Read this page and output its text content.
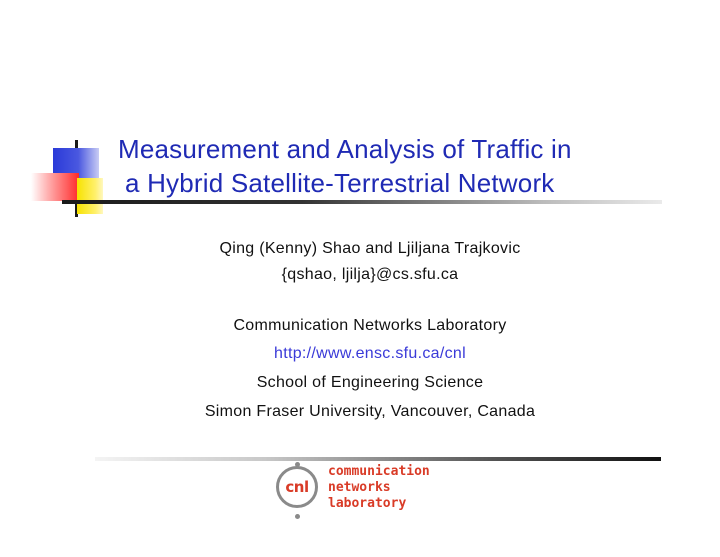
Measurement and Analysis of Traffic in
a Hybrid Satellite-Terrestrial Network
Qing (Kenny) Shao and Ljiljana Trajkovic
{qshao, ljilja}@cs.sfu.ca
Communication Networks Laboratory
http://www.ensc.sfu.ca/cnl
School of Engineering Science
Simon Fraser University, Vancouver, Canada
cnl
communication
networks
laboratory
